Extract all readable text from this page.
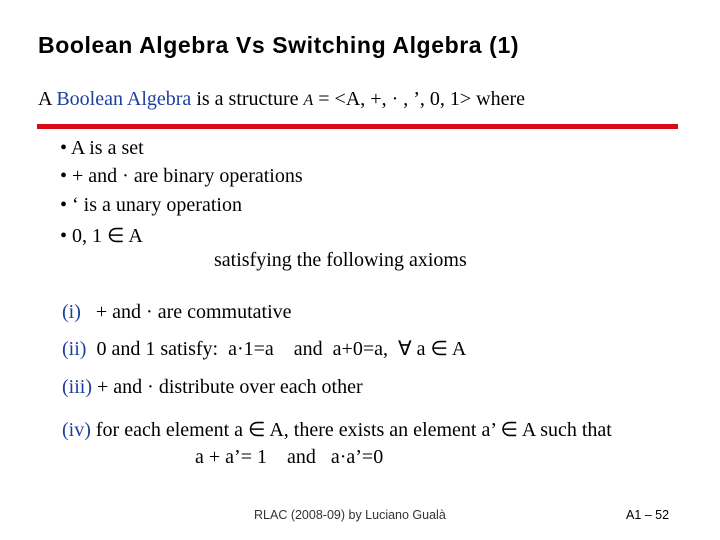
Boolean Algebra Vs Switching Algebra (1)
A Boolean Algebra is a structure A = <A, +, · , ’, 0, 1> where
• A is a set
• + and · are binary operations
• ‘ is a unary operation
• 0, 1 ∈ A
satisfying the following axioms
(i)   + and · are commutative
(ii)  0 and 1 satisfy:  a·1=a    and  a+0=a,  ∀ a ∈ A
(iii) + and · distribute over each other
(iv) for each element a ∈ A, there exists an element a’ ∈ A such that
a + a’= 1    and   a·a’=0
RLAC (2008-09) by Luciano Gualà	A1 – 52
